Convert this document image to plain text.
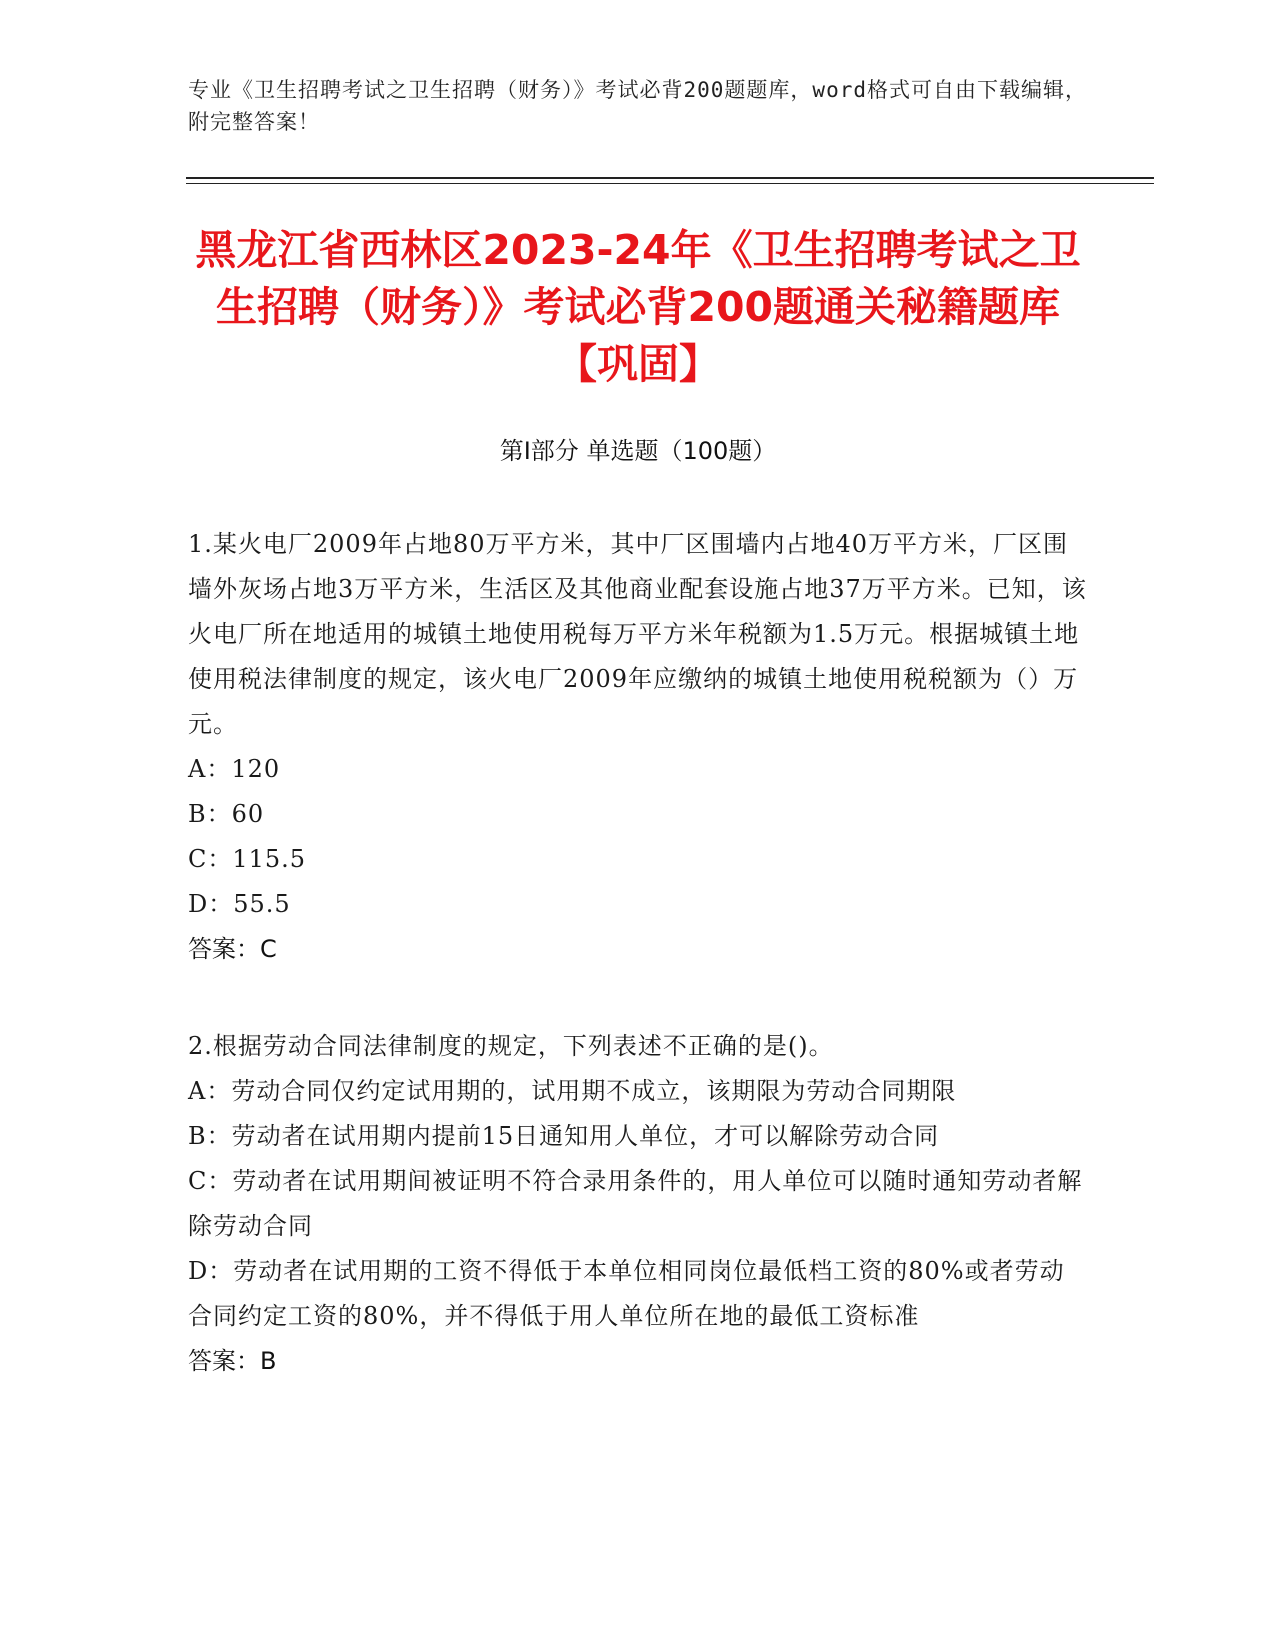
专业《卫生招聘考试之卫生招聘（财务）》考试必背200题题库，word格式可自由下载编辑，附完整答案！
黑龙江省西林区2023-24年《卫生招聘考试之卫生招聘（财务）》考试必背200题通关秘籍题库【巩固】
第I部分 单选题（100题）

1.某火电厂2009年占地80万平方米，其中厂区围墙内占地40万平方米，厂区围墙外灰场占地3万平方米，生活区及其他商业配套设施占地37万平方米。已知，该火电厂所在地适用的城镇土地使用税每万平方米年税额为1.5万元。根据城镇土地使用税法律制度的规定，该火电厂2009年应缴纳的城镇土地使用税税额为（）万元。

A：120

B：60

C：115.5

D：55.5

答案：C

2.根据劳动合同法律制度的规定，下列表述不正确的是()。

A：劳动合同仅约定试用期的，试用期不成立，该期限为劳动合同期限

B：劳动者在试用期内提前15日通知用人单位，才可以解除劳动合同

C：劳动者在试用期间被证明不符合录用条件的，用人单位可以随时通知劳动者解除劳动合同

D：劳动者在试用期的工资不得低于本单位相同岗位最低档工资的80%或者劳动合同约定工资的80%，并不得低于用人单位所在地的最低工资标准

答案：B
